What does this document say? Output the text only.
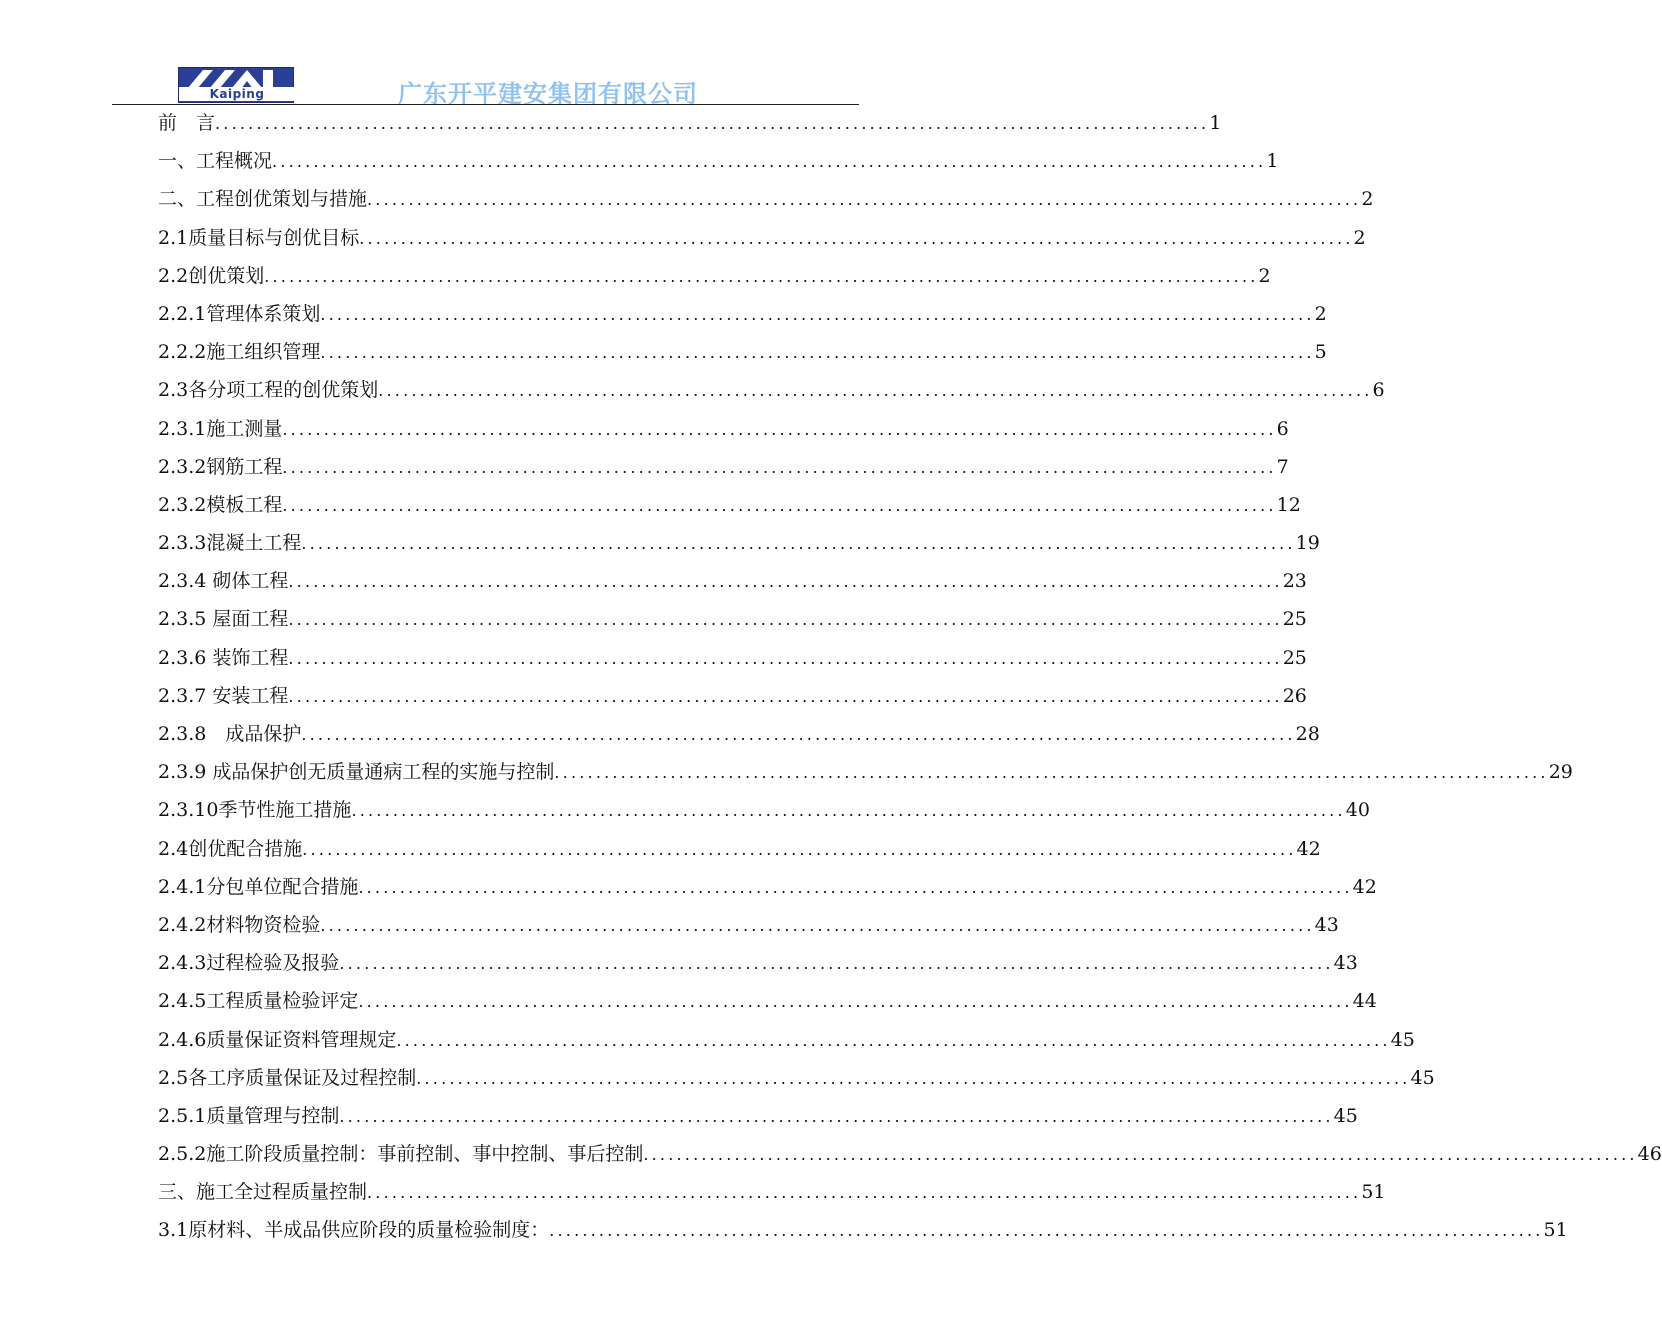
Kaiping	广东开平建安集团有限公司
前　言 ........................................................................................................................ 1
一、工程概况 ........................................................................................................................ 1
二、工程创优策划与措施 ........................................................................................................................ 2
2.1质量目标与创优目标 ........................................................................................................................ 2
2.2创优策划 ........................................................................................................................ 2
2.2.1管理体系策划 ........................................................................................................................ 2
2.2.2施工组织管理 ........................................................................................................................ 5
2.3各分项工程的创优策划 ........................................................................................................................ 6
2.3.1施工测量 ........................................................................................................................ 6
2.3.2钢筋工程 ........................................................................................................................ 7
2.3.2模板工程 ........................................................................................................................ 12
2.3.3混凝土工程 ........................................................................................................................ 19
2.3.4 砌体工程 ........................................................................................................................ 23
2.3.5 屋面工程 ........................................................................................................................ 25
2.3.6 装饰工程 ........................................................................................................................ 25
2.3.7 安装工程 ........................................................................................................................ 26
2.3.8　成品保护 ........................................................................................................................ 28
2.3.9 成品保护创无质量通病工程的实施与控制 ........................................................................................................................ 29
2.3.10季节性施工措施 ........................................................................................................................ 40
2.4创优配合措施 ........................................................................................................................ 42
2.4.1分包单位配合措施 ........................................................................................................................ 42
2.4.2材料物资检验 ........................................................................................................................ 43
2.4.3过程检验及报验 ........................................................................................................................ 43
2.4.5工程质量检验评定 ........................................................................................................................ 44
2.4.6质量保证资料管理规定 ........................................................................................................................ 45
2.5各工序质量保证及过程控制 ........................................................................................................................ 45
2.5.1质量管理与控制 ........................................................................................................................ 45
2.5.2施工阶段质量控制：事前控制、事中控制、事后控制 ........................................................................................................................ 46
三、施工全过程质量控制 ........................................................................................................................ 51
3.1原材料、半成品供应阶段的质量检验制度： ........................................................................................................................ 51
